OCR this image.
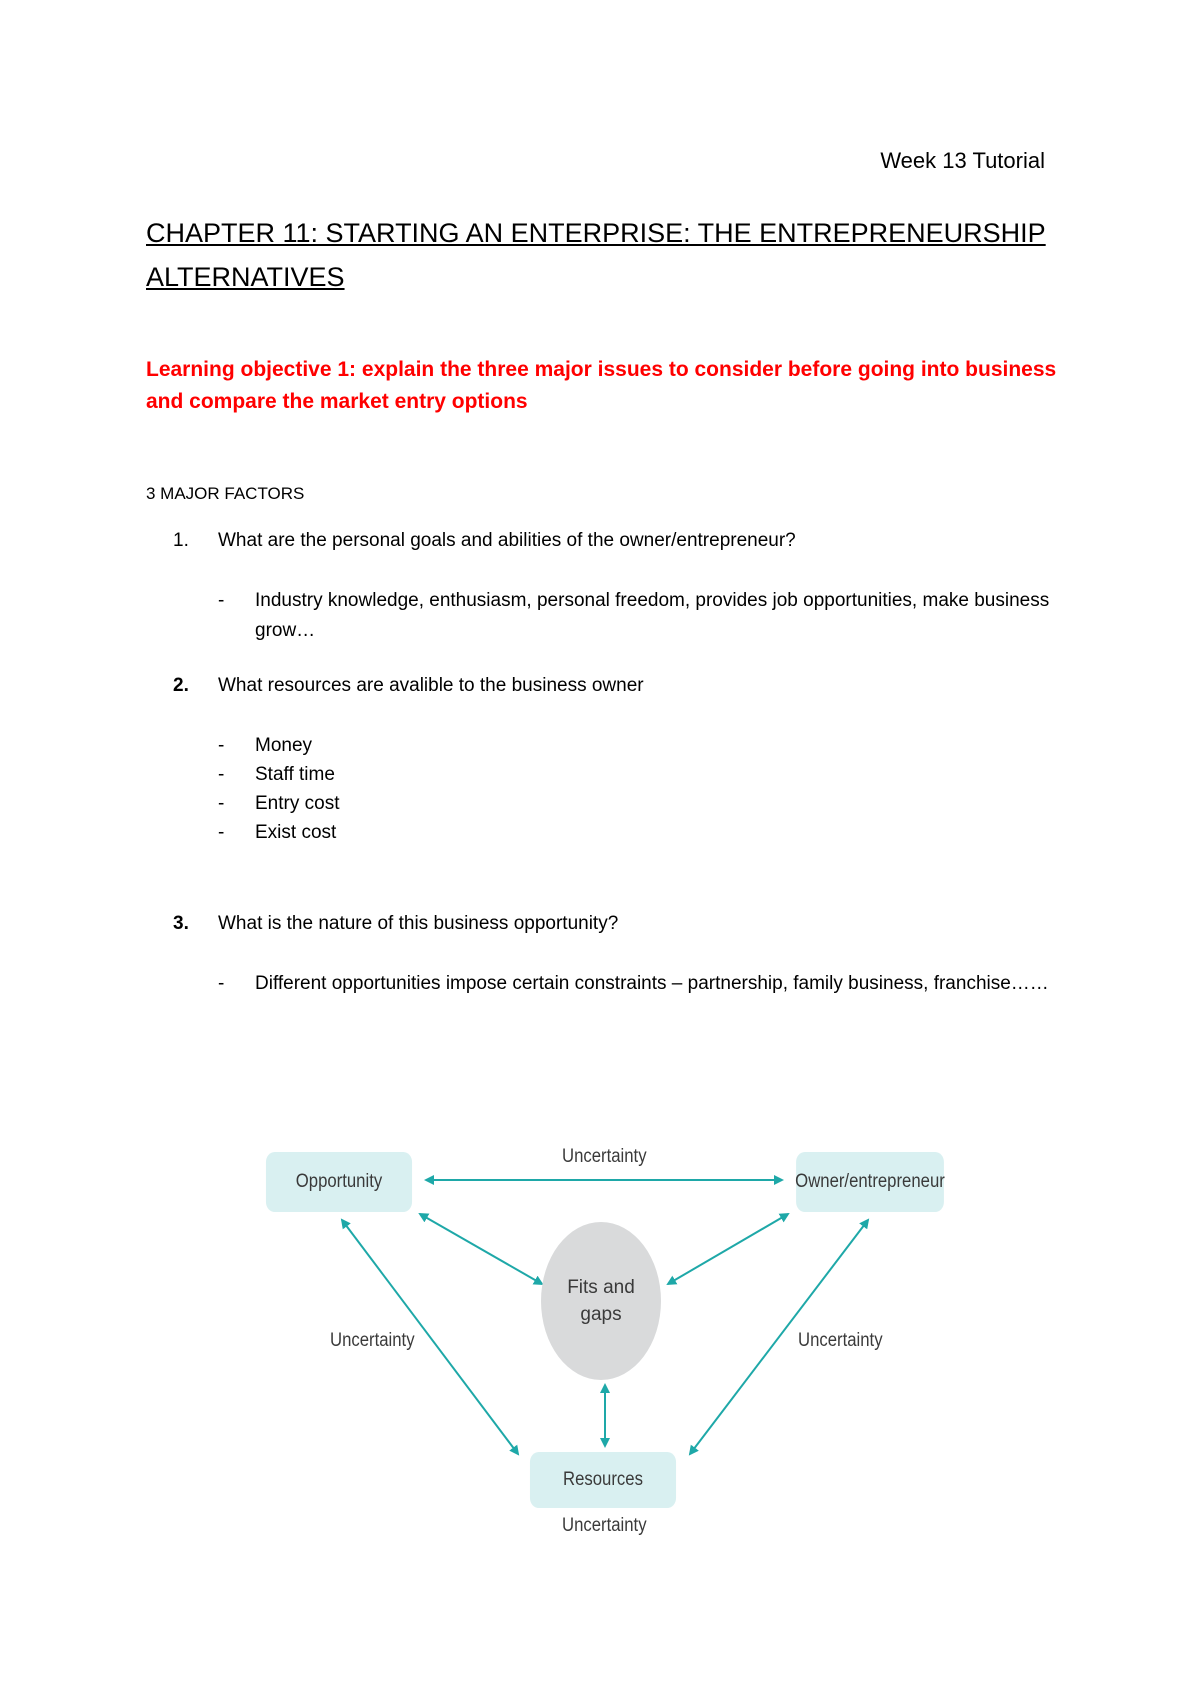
Week 13 Tutorial
CHAPTER 11: STARTING AN ENTERPRISE: THE ENTREPRENEURSHIP ALTERNATIVES
Learning objective 1: explain the three major issues to consider before going into business and compare the market entry options
3 MAJOR FACTORS
1.	What are the personal goals and abilities of the owner/entrepreneur?
-	Industry knowledge, enthusiasm, personal freedom, provides job opportunities, make business grow…
2.	What resources are avalible to the business owner
-	Money
-	Staff time
-	Entry cost
-	Exist cost
3.	What is the nature of this business opportunity?
-	Different opportunities impose certain constraints – partnership, family business, franchise……
Opportunity	Owner/entrepreneur
Resources
Fits and
gaps
Uncertainty
Uncertainty	Uncertainty
Uncertainty
